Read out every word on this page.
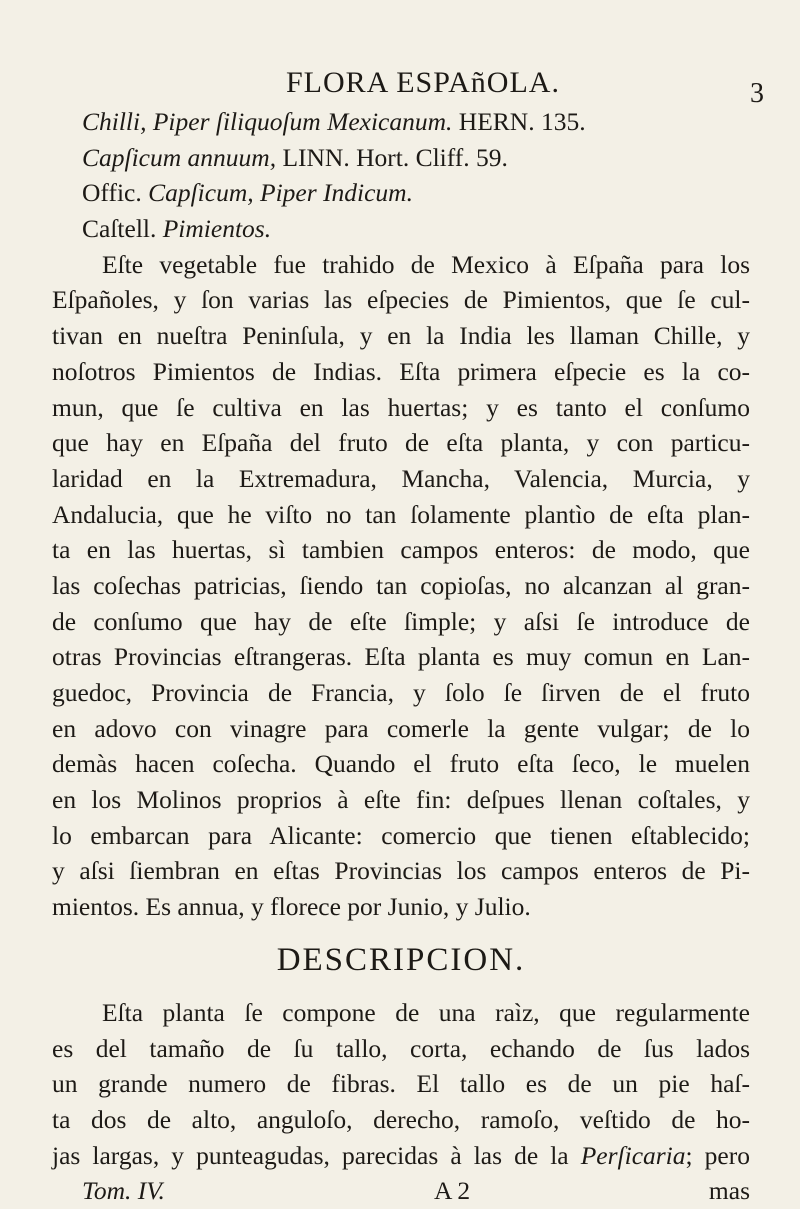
FLORA ESPAñOLA.	3
Chilli, Piper ſiliquoſum Mexicanum. HERN. 135.
Capſicum annuum, LINN. Hort. Cliff. 59.
Offic. Capſicum, Piper Indicum.
Caſtell. Pimientos.
Eſte vegetable fue trahido de Mexico à Eſpaña para los
Eſpañoles, y ſon varias las eſpecies de Pimientos, que ſe cul-
tivan en nueſtra Peninſula, y en la India les llaman Chille, y
noſotros Pimientos de Indias. Eſta primera eſpecie es la co-
mun, que ſe cultiva en las huertas; y es tanto el conſumo
que hay en Eſpaña del fruto de eſta planta, y con particu-
laridad en la Extremadura, Mancha, Valencia, Murcia, y
Andalucia, que he viſto no tan ſolamente plantìo de eſta plan-
ta en las huertas, sì tambien campos enteros: de modo, que
las coſechas patricias, ſiendo tan copioſas, no alcanzan al gran-
de conſumo que hay de eſte ſimple; y aſsi ſe introduce de
otras Provincias eſtrangeras. Eſta planta es muy comun en Lan-
guedoc, Provincia de Francia, y ſolo ſe ſirven de el fruto
en adovo con vinagre para comerle la gente vulgar; de lo
demàs hacen coſecha. Quando el fruto eſta ſeco, le muelen
en los Molinos proprios à eſte fin: deſpues llenan coſtales, y
lo embarcan para Alicante: comercio que tienen eſtablecido;
y aſsi ſiembran en eſtas Provincias los campos enteros de Pi-
mientos. Es annua, y florece por Junio, y Julio.
DESCRIPCION.
Eſta planta ſe compone de una raìz, que regularmente
es del tamaño de ſu tallo, corta, echando de ſus lados
un grande numero de fibras. El tallo es de un pie haſ-
ta dos de alto, anguloſo, derecho, ramoſo, veſtido de ho-
jas largas, y punteagudas, parecidas à las de la Perſicaria; pero
Tom. IV.	A 2	mas
